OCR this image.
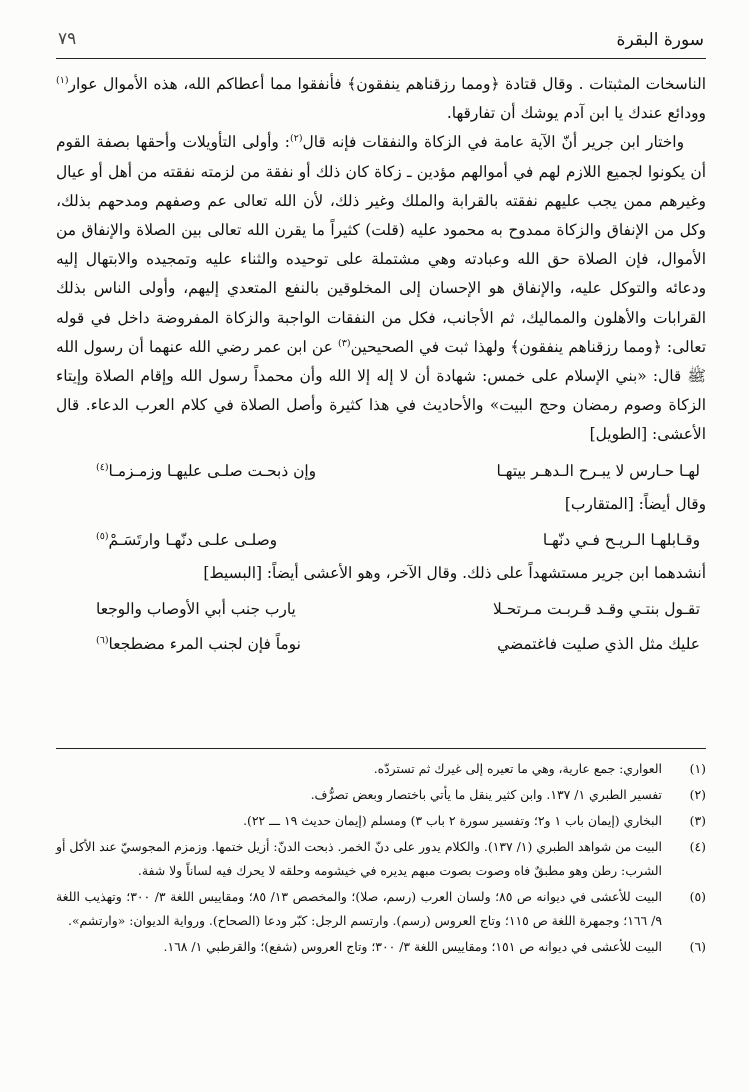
سورة البقرة
٧٩

الناسخات المثبتات . وقال قتادة ﴿ومما رزقناهم ينفقون﴾ فأنفقوا مما أعطاكم الله، هذه الأموال عوار$^{(١)}$ وودائع عندك يا ابن آدم يوشك أن تفارقها.

واختار ابن جرير أنّ الآية عامة في الزكاة والنفقات فإنه قال$^{(٢)}$: وأولى التأويلات وأحقها بصفة القوم أن يكونوا لجميع اللازم لهم في أموالهم مؤدين ـ زكاة كان ذلك أو نفقة من لزمته نفقته من أهل أو عيال وغيرهم ممن يجب عليهم نفقته بالقرابة والملك وغير ذلك، لأن الله تعالى عم وصفهم ومدحهم بذلك، وكل من الإنفاق والزكاة ممدوح به محمود عليه (قلت) كثيراً ما يقرن الله تعالى بين الصلاة والإنفاق من الأموال، فإن الصلاة حق الله وعبادته وهي مشتملة على توحيده والثناء عليه وتمجيده والابتهال إليه ودعائه والتوكل عليه، والإنفاق هو الإحسان إلى المخلوقين بالنفع المتعدي إليهم، وأولى الناس بذلك القرابات والأهلون والمماليك، ثم الأجانب، فكل من النفقات الواجبة والزكاة المفروضة داخل في قوله تعالى: ﴿ومما رزقناهم ينفقون﴾ ولهذا ثبت في الصحيحين$^{(٣)}$ عن ابن عمر رضي الله عنهما أن رسول الله ﷺ قال: «بني الإسلام على خمس: شهادة أن لا إله إلا الله وأن محمداً رسول الله وإقام الصلاة وإيتاء الزكاة وصوم رمضان وحج البيت» والأحاديث في هذا كثيرة وأصل الصلاة في كلام العرب الدعاء. قال الأعشى: [الطويل]

لهـا حـارس لا يبـرح الـدهـر بيتهـا
وإن ذبحـت صلـى عليهـا وزمـزمـا$^{(٤)}$

وقال أيضاً: [المتقارب]

وقـابلهـا الـريـح فـي دنّهـا
وصلـى علـى دنّهـا وارتَسَـمْ$^{(٥)}$

أنشدهما ابن جرير مستشهداً على ذلك. وقال الآخر، وهو الأعشى أيضاً: [البسيط]

تقـول بنتـي وقـد قـربـت مـرتحـلا
يارب جنب أبي الأوصاب والوجعا
عليك مثل الذي صليت فاغتمضي
نوماً فإن لجنب المرء مضطجعا$^{(٦)}$
(١)
العواري: جمع عارية، وهي ما تعيره إلى غيرك ثم تستردّه.
(٢)
تفسير الطبري ١/ ١٣٧. وابن كثير ينقل ما يأتي باختصار وبعض تصرُّف.
(٣)
البخاري (إيمان باب ١ و٢؛ وتفسير سورة ٢ باب ٣) ومسلم (إيمان حديث ١٩ ـــ ٢٢).
(٤)
البيت من شواهد الطبري (١/ ١٣٧). والكلام يدور على دنّ الخمر. ذبحت الدنّ: أزيل ختمها. وزمزم المجوسيّ عند الأكل أو الشرب: رطن وهو مطبقٌ فاه وصوت بصوت مبهم يديره في خيشومه وحلقه لا يحرك فيه لساناً ولا شفة.
(٥)
البيت للأعشى في ديوانه ص ٨٥؛ ولسان العرب (رسم، صلا)؛ والمخصص ١٣/ ٨٥؛ ومقاييس اللغة ٣/ ٣٠٠؛ وتهذيب اللغة ٩/ ١٦٦؛ وجمهرة اللغة ص ١١٥؛ وتاج العروس (رسم). وارتسم الرجل: كبّر ودعا (الصحاح). ورواية الديوان: «وارتشم».
(٦)
البيت للأعشى في ديوانه ص ١٥١؛ ومقاييس اللغة ٣/ ٣٠٠؛ وتاج العروس (شفع)؛ والقرطبي ١/ ١٦٨.
